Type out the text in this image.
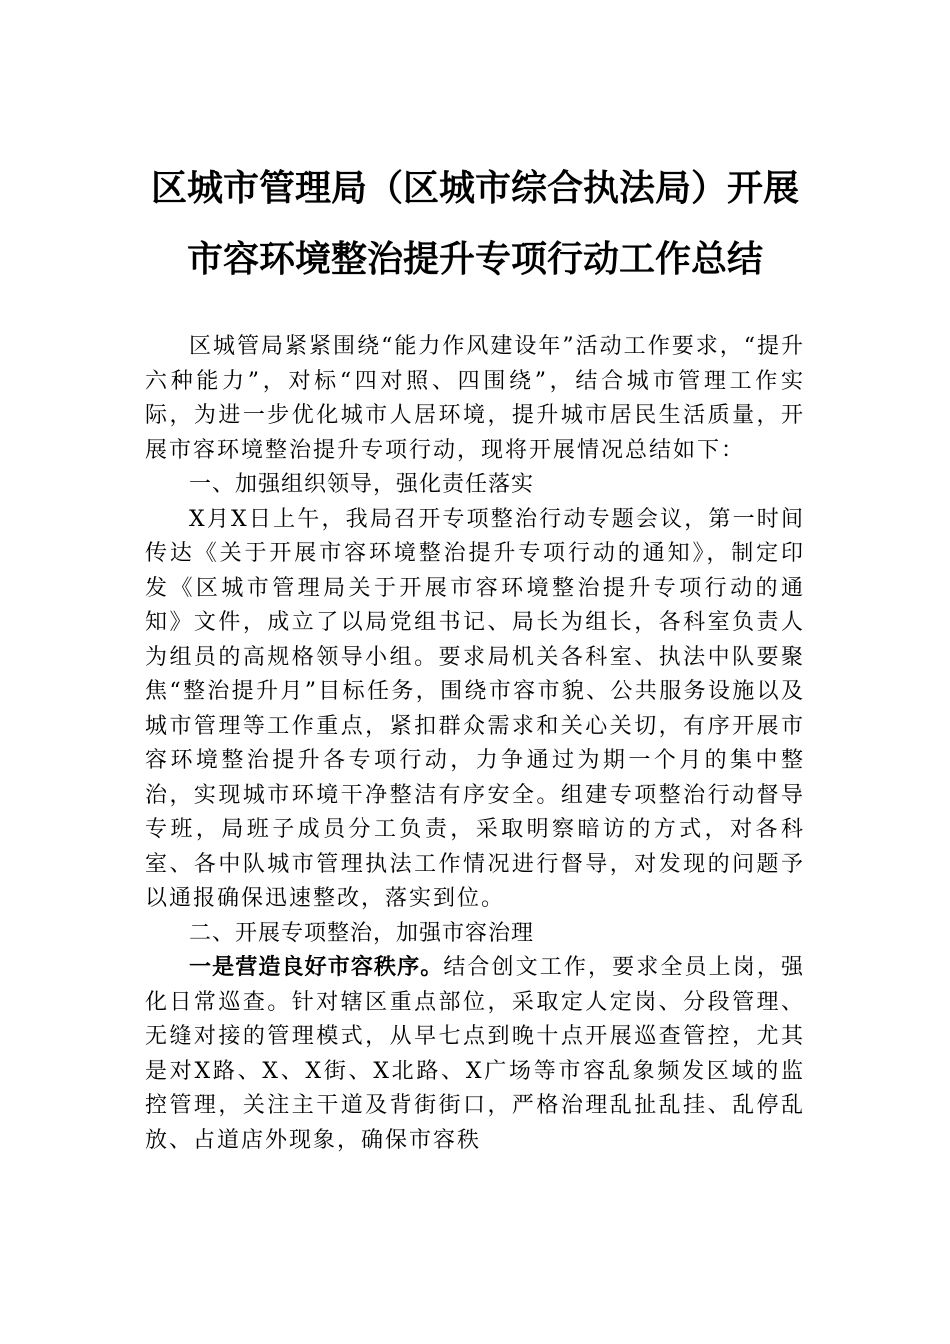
区城市管理局（区城市综合执法局）开展
市容环境整治提升专项行动工作总结

区城管局紧紧围绕“能力作风建设年”活动工作要求，“提升六种能力”，对标“四对照、四围绕”，结合城市管理工作实际，为进一步优化城市人居环境，提升城市居民生活质量，开展市容环境整治提升专项行动，现将开展情况总结如下：

一、加强组织领导，强化责任落实

X月X日上午，我局召开专项整治行动专题会议，第一时间传达《关于开展市容环境整治提升专项行动的通知》，制定印发《区城市管理局关于开展市容环境整治提升专项行动的通知》文件，成立了以局党组书记、局长为组长，各科室负责人为组员的高规格领导小组。要求局机关各科室、执法中队要聚焦“整治提升月”目标任务，围绕市容市貌、公共服务设施以及城市管理等工作重点，紧扣群众需求和关心关切，有序开展市容环境整治提升各专项行动，力争通过为期一个月的集中整治，实现城市环境干净整洁有序安全。组建专项整治行动督导专班，局班子成员分工负责，采取明察暗访的方式，对各科室、各中队城市管理执法工作情况进行督导，对发现的问题予以通报确保迅速整改，落实到位。

二、开展专项整治，加强市容治理

一是营造良好市容秩序。结合创文工作，要求全员上岗，强化日常巡查。针对辖区重点部位，采取定人定岗、分段管理、无缝对接的管理模式，从早七点到晚十点开展巡查管控，尤其是对X路、X、X街、X北路、X广场等市容乱象频发区域的监控管理，关注主干道及背街街口，严格治理乱扯乱挂、乱停乱放、占道店外现象，确保市容秩
